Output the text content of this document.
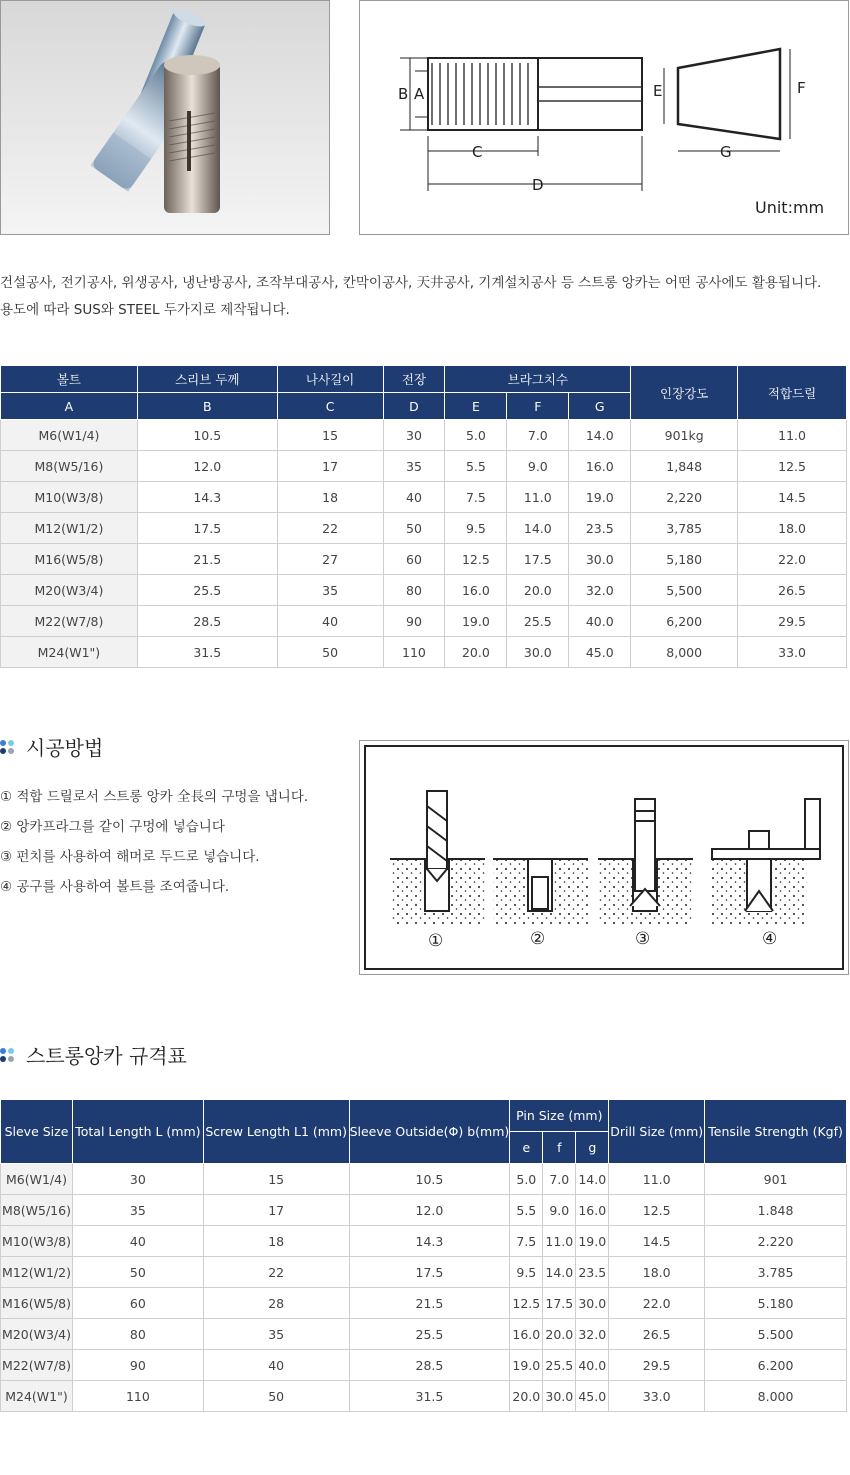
B A
C
D
E	F
G
Unit:mm

건설공사, 전기공사, 위생공사, 냉난방공사, 조작부대공사, 칸막이공사, 天井공사, 기계설치공사 등 스트롱 앙카는 어떤 공사에도 활용됩니다.

용도에 따라 SUS와 STEEL 두가지로 제작됩니다.

볼트	스리브 두께	나사길이	전장	브라그치수			인장강도	적합드릴
A	B	C	D	E	F	G		
M6(W1/4)	10.5	15	30	5.0	7.0	14.0	901kg	11.0
M8(W5/16)	12.0	17	35	5.5	9.0	16.0	1,848	12.5
M10(W3/8)	14.3	18	40	7.5	11.0	19.0	2,220	14.5
M12(W1/2)	17.5	22	50	9.5	14.0	23.5	3,785	18.0
M16(W5/8)	21.5	27	60	12.5	17.5	30.0	5,180	22.0
M20(W3/4)	25.5	35	80	16.0	20.0	32.0	5,500	26.5
M22(W7/8)	28.5	40	90	19.0	25.5	40.0	6,200	29.5
M24(W1")	31.5	50	110	20.0	30.0	45.0	8,000	33.0
시공방법

① 적합 드릴로서 스트롱 앙카 全長의 구멍을 냅니다.

② 앙카프라그를 같이 구멍에 넣습니다

③ 펀치를 사용하여 해머로 두드로 넣습니다.

④ 공구를 사용하여 볼트를 조여줍니다.

①	②	③	④
스트롱앙카 규격표
Sleve Size	Total Length L (mm)	Screw Length L1 (mm)	Sleeve Outside(Φ) b(mm)	Pin Size (mm)			Drill Size (mm)	Tensile Strength (Kgf)
				e	f	g		
M6(W1/4)	30	15	10.5	5.0	7.0	14.0	11.0	901
M8(W5/16)	35	17	12.0	5.5	9.0	16.0	12.5	1.848
M10(W3/8)	40	18	14.3	7.5	11.0	19.0	14.5	2.220
M12(W1/2)	50	22	17.5	9.5	14.0	23.5	18.0	3.785
M16(W5/8)	60	28	21.5	12.5	17.5	30.0	22.0	5.180
M20(W3/4)	80	35	25.5	16.0	20.0	32.0	26.5	5.500
M22(W7/8)	90	40	28.5	19.0	25.5	40.0	29.5	6.200
M24(W1")	110	50	31.5	20.0	30.0	45.0	33.0	8.000
